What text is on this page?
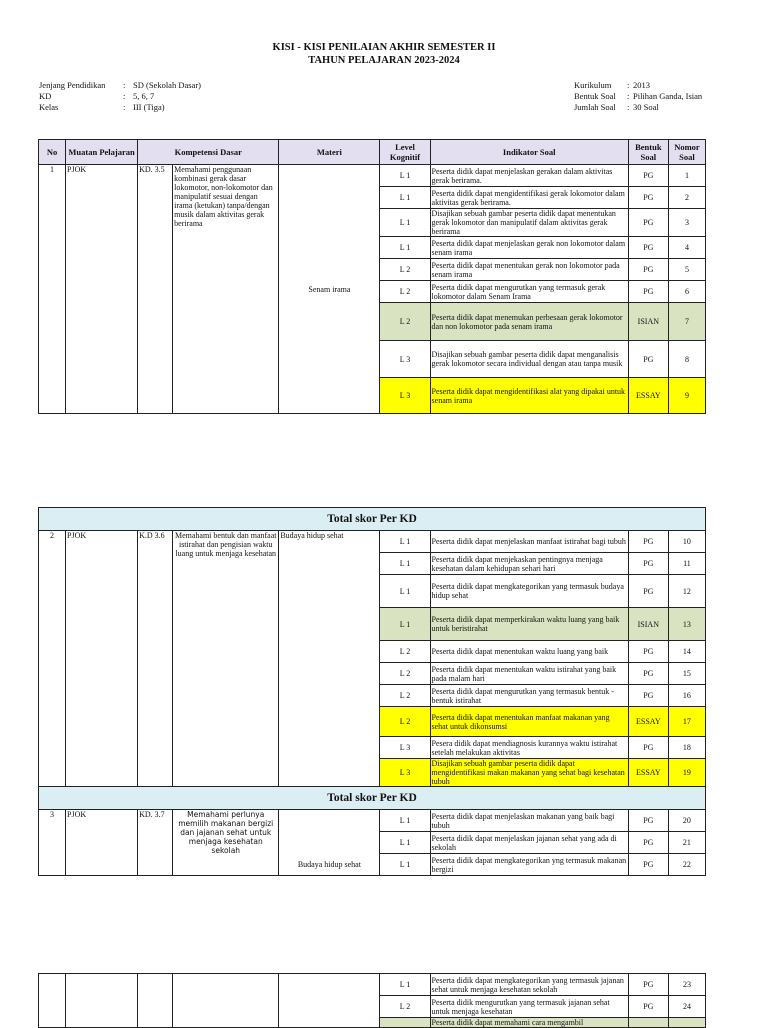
KISI - KISI PENILAIAN AKHIR SEMESTER II
TAHUN PELAJARAN 2023-2024
Jenjang Pendidikan	: SD (Sekolah Dasar)
KD	: 5, 6, 7
Kelas	: III (Tiga)
Kurikulum	: 2013
Bentuk Soal	: Pilihan Ganda, Isian
Jumlah Soal	: 30 Soal
No	Muatan Pelajaran	Kompetensi Dasar		Materi	Level Kognitif	Indikator Soal	Bentuk Soal	Nomor Soal
1	PJOK	KD. 3.5	Memahami penggunaan kombinasi gerak dasar lokomotor, non-lokomotor dan manipulatif sesuai dengan irama (ketukan) tanpa/dengan musik dalam aktivitas gerak berirama	Senam irama	L 1	Peserta didik dapat menjelaskan gerakan dalam aktivitas gerak berirama.	PG	1
					L 1	Peserta didik dapat mengidentifikasi gerak lokomotor dalam aktivitas gerak berirama.	PG	2
					L 1	Disajikan sebuah gambar peserta didik dapat menentukan gerak lokomotor dan manipulatif dalam aktivitas gerak berirama	PG	3
					L 1	Peserta didik dapat menjelaskan gerak non lokomotor dalam senam irama	PG	4
					L 2	Peserta didik dapat menentukan gerak non lokomotor pada senam irama	PG	5
					L 2	Peserta didik dapat mengurutkan yang termasuk gerak lokomotor dalam Senam Irama	PG	6
					L 2	Peserta didik dapat menemukan perbesaan gerak lokomotor dan non lokomotor pada senam irama	ISIAN	7
					L 3	Disajikan sebuah gambar peserta didik dapat menganalisis gerak lokomotor secara individual dengan atau tanpa musik	PG	8
					L 3	Peserta didik dapat mengidentifikasi alat yang dipakai untuk senam irama	ESSAY	9
Total skor Per KD								
2	PJOK	K.D 3.6	Memahami bentuk dan manfaat istirahat dan pengisian waktu luang untuk menjaga kesehatan	Budaya hidup sehat	L 1	Peserta didik dapat menjelaskan manfaat istirahat bagi tubuh	PG	10
					L 1	Peserta didik dapat menjekaskan pentingnya menjaga kesehatan dalam kehidupan sehari hari	PG	11
					L 1	Peserta didik dapat mengkategorikan yang termasuk budaya hidup sehat	PG	12
					L 1	Peserta didik dapat memperkirakan waktu luang yang baik untuk beristirahat	ISIAN	13
					L 2	Peserta didik dapat menentukan waktu luang yang baik	PG	14
					L 2	Peserta didik dapat menentukan waktu istirahat yang baik pada malam hari	PG	15
					L 2	Peserta didik dapat mengurutkan yang termasuk bentuk -bentuk istirahat	PG	16
					L 2	Peserta didik dapat menentukan manfaat makanan yang sehat untuk dikonsumsi	ESSAY	17
					L 3	Pesera didik dapat mendiagnosis kurannya waktu istirahat setelah melakukan aktivitas	PG	18
					L 3	Disajikan sebuah gambar peserta didik dapat mengidentifikasi makan makanan yang sehat bagi kesehatan tubuh	ESSAY	19
Total skor Per KD								
3	PJOK	KD. 3.7	Memahami perlunya memilih makanan bergizi dan jajanan sehat untuk menjaga kesehatan sekolah	Budaya hidup sehat	L 1	Peserta didik dapat menjelaskan makanan yang baik bagi tubuh	PG	20
					L 1	Peserta didik dapat menjelaskan jajanan sehat yang ada di sekolah	PG	21
					L 1	Peserta didik dapat mengkategorikan yng termasuk makanan bergizi	PG	22
					L 1	Peserta didik dapat mengkategorikan yang termasuk jajanan sehat untuk menjaga kesehatan sekolah	PG	23
					L 2	Peserta didik mengurutkan yang termasuk jajanan sehat untuk menjaga kesehatan	PG	24
						Peserta didik dapat memahami cara mengambil		
